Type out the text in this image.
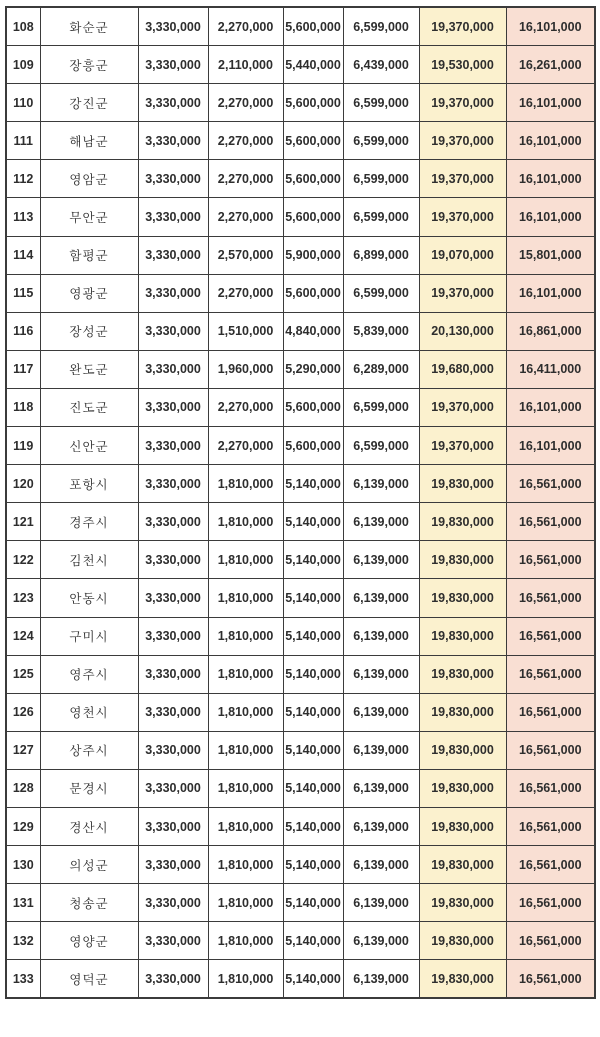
108	화순군	3,330,000	2,270,000	5,600,000	6,599,000	19,370,000	16,101,000
109	장흥군	3,330,000	2,110,000	5,440,000	6,439,000	19,530,000	16,261,000
110	강진군	3,330,000	2,270,000	5,600,000	6,599,000	19,370,000	16,101,000
111	해남군	3,330,000	2,270,000	5,600,000	6,599,000	19,370,000	16,101,000
112	영암군	3,330,000	2,270,000	5,600,000	6,599,000	19,370,000	16,101,000
113	무안군	3,330,000	2,270,000	5,600,000	6,599,000	19,370,000	16,101,000
114	함평군	3,330,000	2,570,000	5,900,000	6,899,000	19,070,000	15,801,000
115	영광군	3,330,000	2,270,000	5,600,000	6,599,000	19,370,000	16,101,000
116	장성군	3,330,000	1,510,000	4,840,000	5,839,000	20,130,000	16,861,000
117	완도군	3,330,000	1,960,000	5,290,000	6,289,000	19,680,000	16,411,000
118	진도군	3,330,000	2,270,000	5,600,000	6,599,000	19,370,000	16,101,000
119	신안군	3,330,000	2,270,000	5,600,000	6,599,000	19,370,000	16,101,000
120	포항시	3,330,000	1,810,000	5,140,000	6,139,000	19,830,000	16,561,000
121	경주시	3,330,000	1,810,000	5,140,000	6,139,000	19,830,000	16,561,000
122	김천시	3,330,000	1,810,000	5,140,000	6,139,000	19,830,000	16,561,000
123	안동시	3,330,000	1,810,000	5,140,000	6,139,000	19,830,000	16,561,000
124	구미시	3,330,000	1,810,000	5,140,000	6,139,000	19,830,000	16,561,000
125	영주시	3,330,000	1,810,000	5,140,000	6,139,000	19,830,000	16,561,000
126	영천시	3,330,000	1,810,000	5,140,000	6,139,000	19,830,000	16,561,000
127	상주시	3,330,000	1,810,000	5,140,000	6,139,000	19,830,000	16,561,000
128	문경시	3,330,000	1,810,000	5,140,000	6,139,000	19,830,000	16,561,000
129	경산시	3,330,000	1,810,000	5,140,000	6,139,000	19,830,000	16,561,000
130	의성군	3,330,000	1,810,000	5,140,000	6,139,000	19,830,000	16,561,000
131	청송군	3,330,000	1,810,000	5,140,000	6,139,000	19,830,000	16,561,000
132	영양군	3,330,000	1,810,000	5,140,000	6,139,000	19,830,000	16,561,000
133	영덕군	3,330,000	1,810,000	5,140,000	6,139,000	19,830,000	16,561,000
